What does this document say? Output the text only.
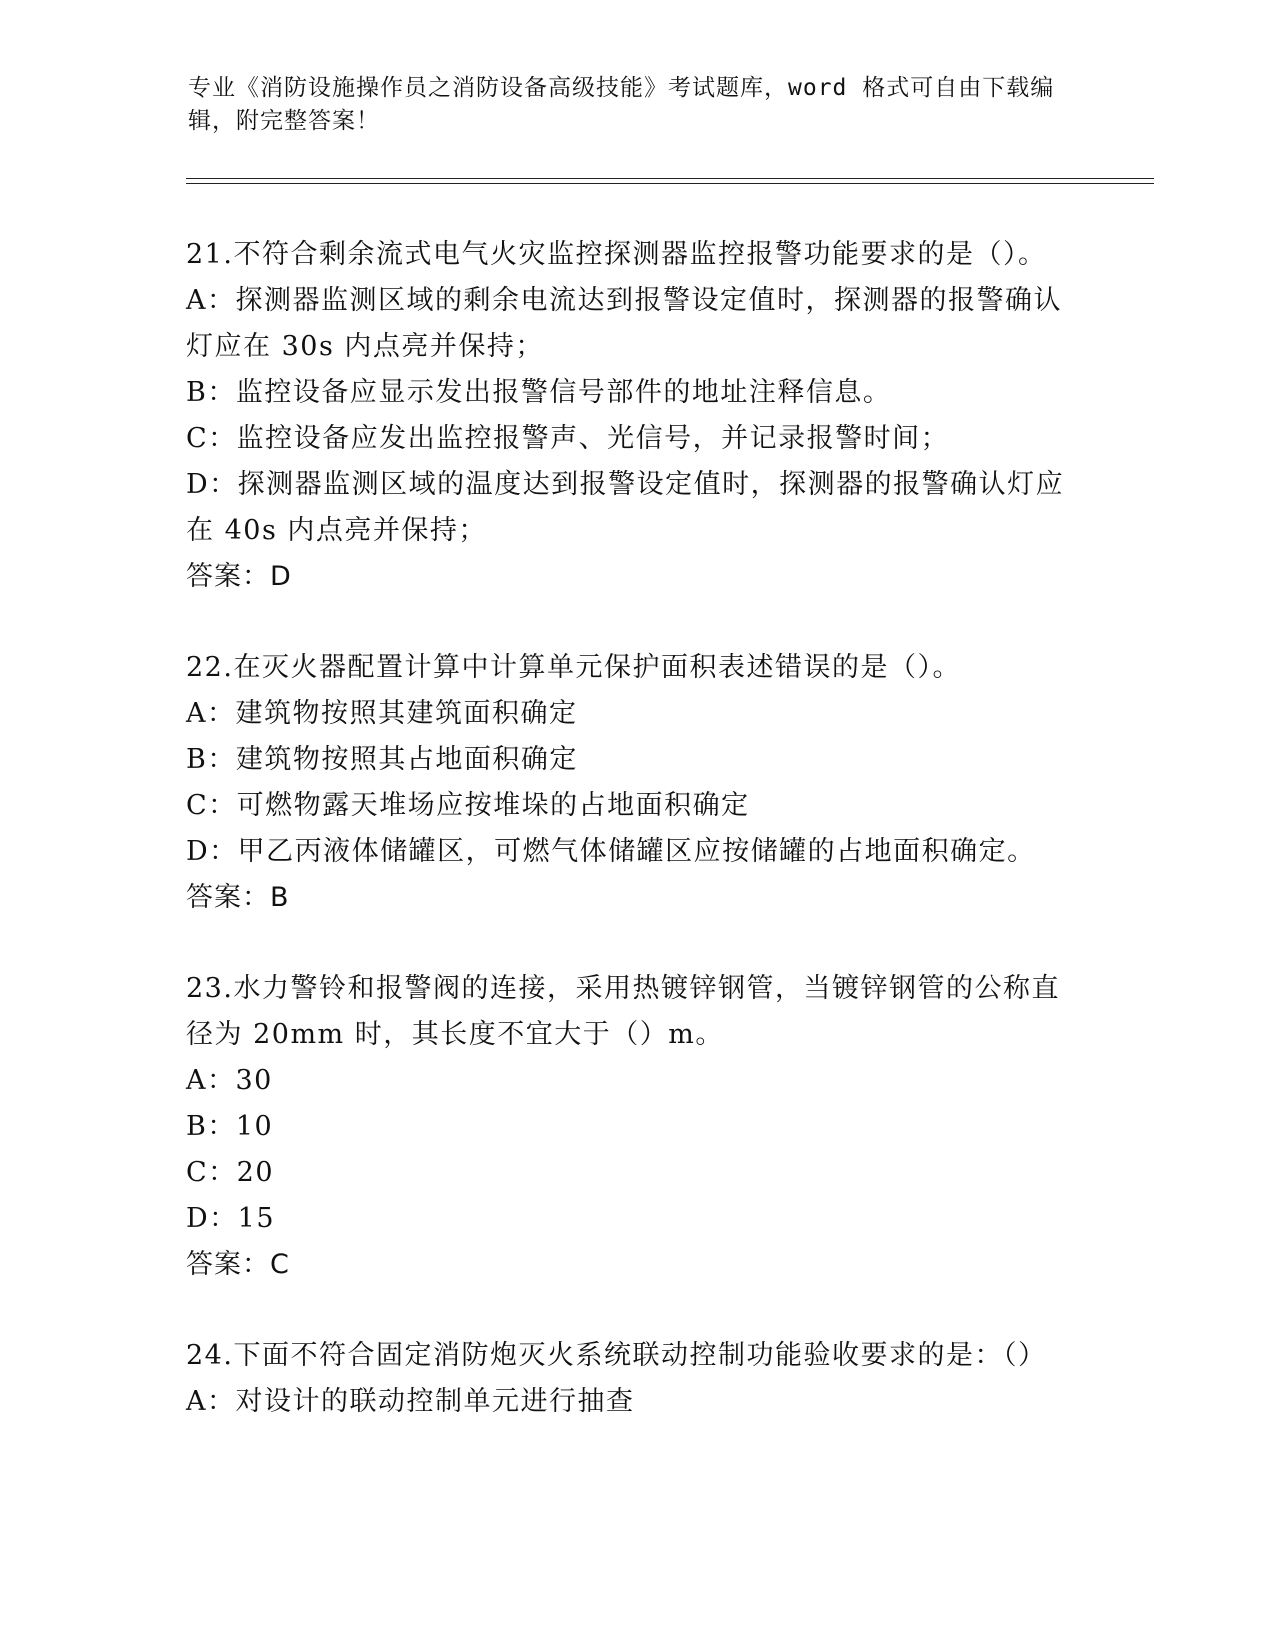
专业《消防设施操作员之消防设备高级技能》考试题库，word 格式可自由下载编
辑，附完整答案！
21.不符合剩余流式电气火灾监控探测器监控报警功能要求的是（）。
A：探测器监测区域的剩余电流达到报警设定值时，探测器的报警确认
灯应在 30s 内点亮并保持；
B：监控设备应显示发出报警信号部件的地址注释信息。
C：监控设备应发出监控报警声、光信号，并记录报警时间；
D：探测器监测区域的温度达到报警设定值时，探测器的报警确认灯应
在 40s 内点亮并保持；
答案：D
22.在灭火器配置计算中计算单元保护面积表述错误的是（）。
A：建筑物按照其建筑面积确定
B：建筑物按照其占地面积确定
C：可燃物露天堆场应按堆垛的占地面积确定
D：甲乙丙液体储罐区，可燃气体储罐区应按储罐的占地面积确定。
答案：B
23.水力警铃和报警阀的连接，采用热镀锌钢管，当镀锌钢管的公称直
径为 20mm 时，其长度不宜大于（）m。
A：30
B：10
C：20
D：15
答案：C
24.下面不符合固定消防炮灭火系统联动控制功能验收要求的是：（）
A：对设计的联动控制单元进行抽查
